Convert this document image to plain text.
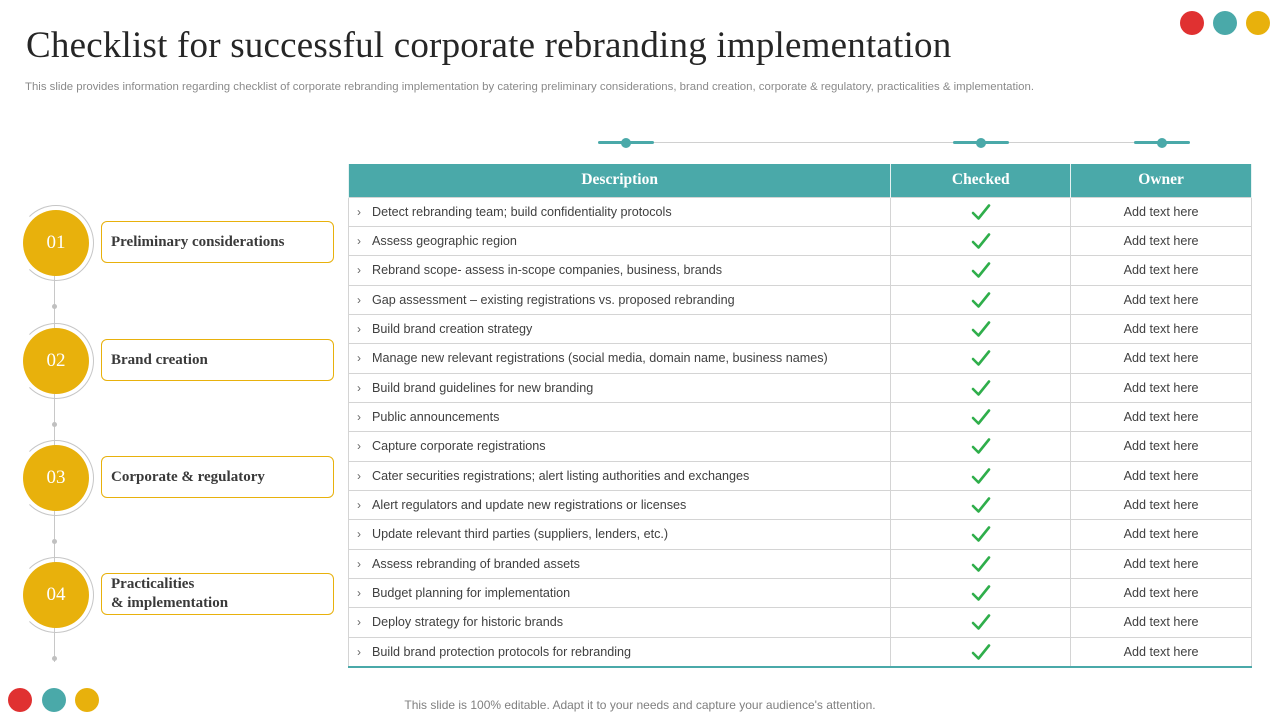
Checklist for successful corporate rebranding implementation
This slide provides information regarding checklist of corporate rebranding implementation by catering preliminary considerations, brand creation, corporate & regulatory, practicalities & implementation.
01	Preliminary considerations
02	Brand creation
03	Corporate & regulatory
04	Practicalities
& implementation
Description	Checked	Owner
› Detect rebranding team; build confidentiality protocols		Add text here
› Assess geographic region		Add text here
› Rebrand scope- assess in-scope companies, business, brands		Add text here
› Gap assessment – existing registrations vs. proposed rebranding		Add text here
› Build brand creation strategy		Add text here
› Manage new relevant registrations (social media, domain name, business names)		Add text here
› Build brand guidelines for new branding		Add text here
› Public announcements		Add text here
› Capture corporate registrations		Add text here
› Cater securities registrations; alert listing authorities and exchanges		Add text here
› Alert regulators and update new registrations or licenses		Add text here
› Update relevant third parties (suppliers, lenders, etc.)		Add text here
› Assess rebranding of branded assets		Add text here
› Budget planning for implementation		Add text here
› Deploy strategy for historic brands		Add text here
› Build brand protection protocols for rebranding		Add text here
This slide is 100% editable. Adapt it to your needs and capture your audience's attention.
